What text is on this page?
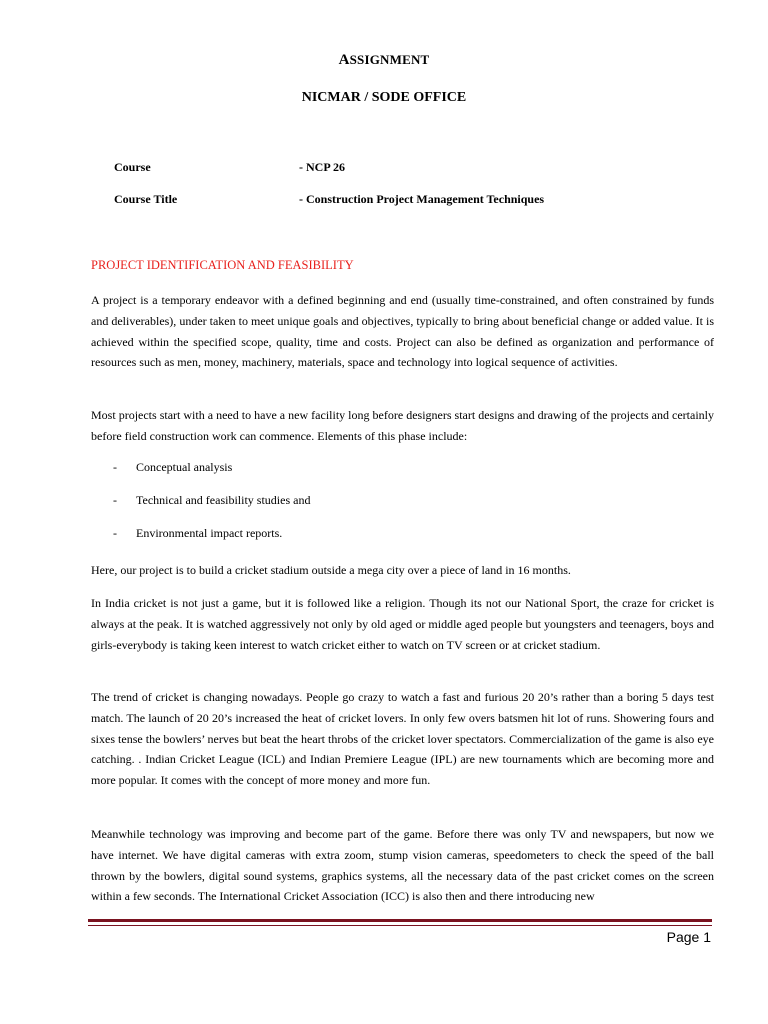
ASSIGNMENT
NICMAR / SODE OFFICE
Course	- NCP 26
Course Title	- Construction Project Management Techniques
PROJECT IDENTIFICATION AND FEASIBILITY
A project is a temporary endeavor with a defined beginning and end (usually time-constrained, and often constrained by funds and deliverables), under taken to meet unique goals and objectives, typically to bring about beneficial change or added value. It is achieved within the specified scope, quality, time and costs. Project can also be defined as organization and performance of resources such as men, money, machinery, materials, space and technology into logical sequence of activities.
Most projects start with a need to have a new facility long before designers start designs and drawing of the projects and certainly before field construction work can commence. Elements of this phase include:
- Conceptual analysis
- Technical and feasibility studies and
- Environmental impact reports.
Here, our project is to build a cricket stadium outside a mega city over a piece of land in 16 months.
In India cricket is not just a game, but it is followed like a religion. Though its not our National Sport, the craze for cricket is always at the peak. It is watched aggressively not only by old aged or middle aged people but youngsters and teenagers, boys and girls-everybody is taking keen interest to watch cricket either to watch on TV screen or at cricket stadium.
The trend of cricket is changing nowadays. People go crazy to watch a fast and furious 20 20’s rather than a boring 5 days test match. The launch of 20 20’s increased the heat of cricket lovers. In only few overs batsmen hit lot of runs. Showering fours and sixes tense the bowlers’ nerves but beat the heart throbs of the cricket lover spectators. Commercialization of the game is also eye catching. . Indian Cricket League (ICL) and Indian Premiere League (IPL) are new tournaments which are becoming more and more popular. It comes with the concept of more money and more fun.
Meanwhile technology was improving and become part of the game. Before there was only TV and newspapers, but now we have internet. We have digital cameras with extra zoom, stump vision cameras, speedometers to check the speed of the ball thrown by the bowlers, digital sound systems, graphics systems, all the necessary data of the past cricket comes on the screen within a few seconds. The International Cricket Association (ICC) is also then and there introducing new
Page 1
